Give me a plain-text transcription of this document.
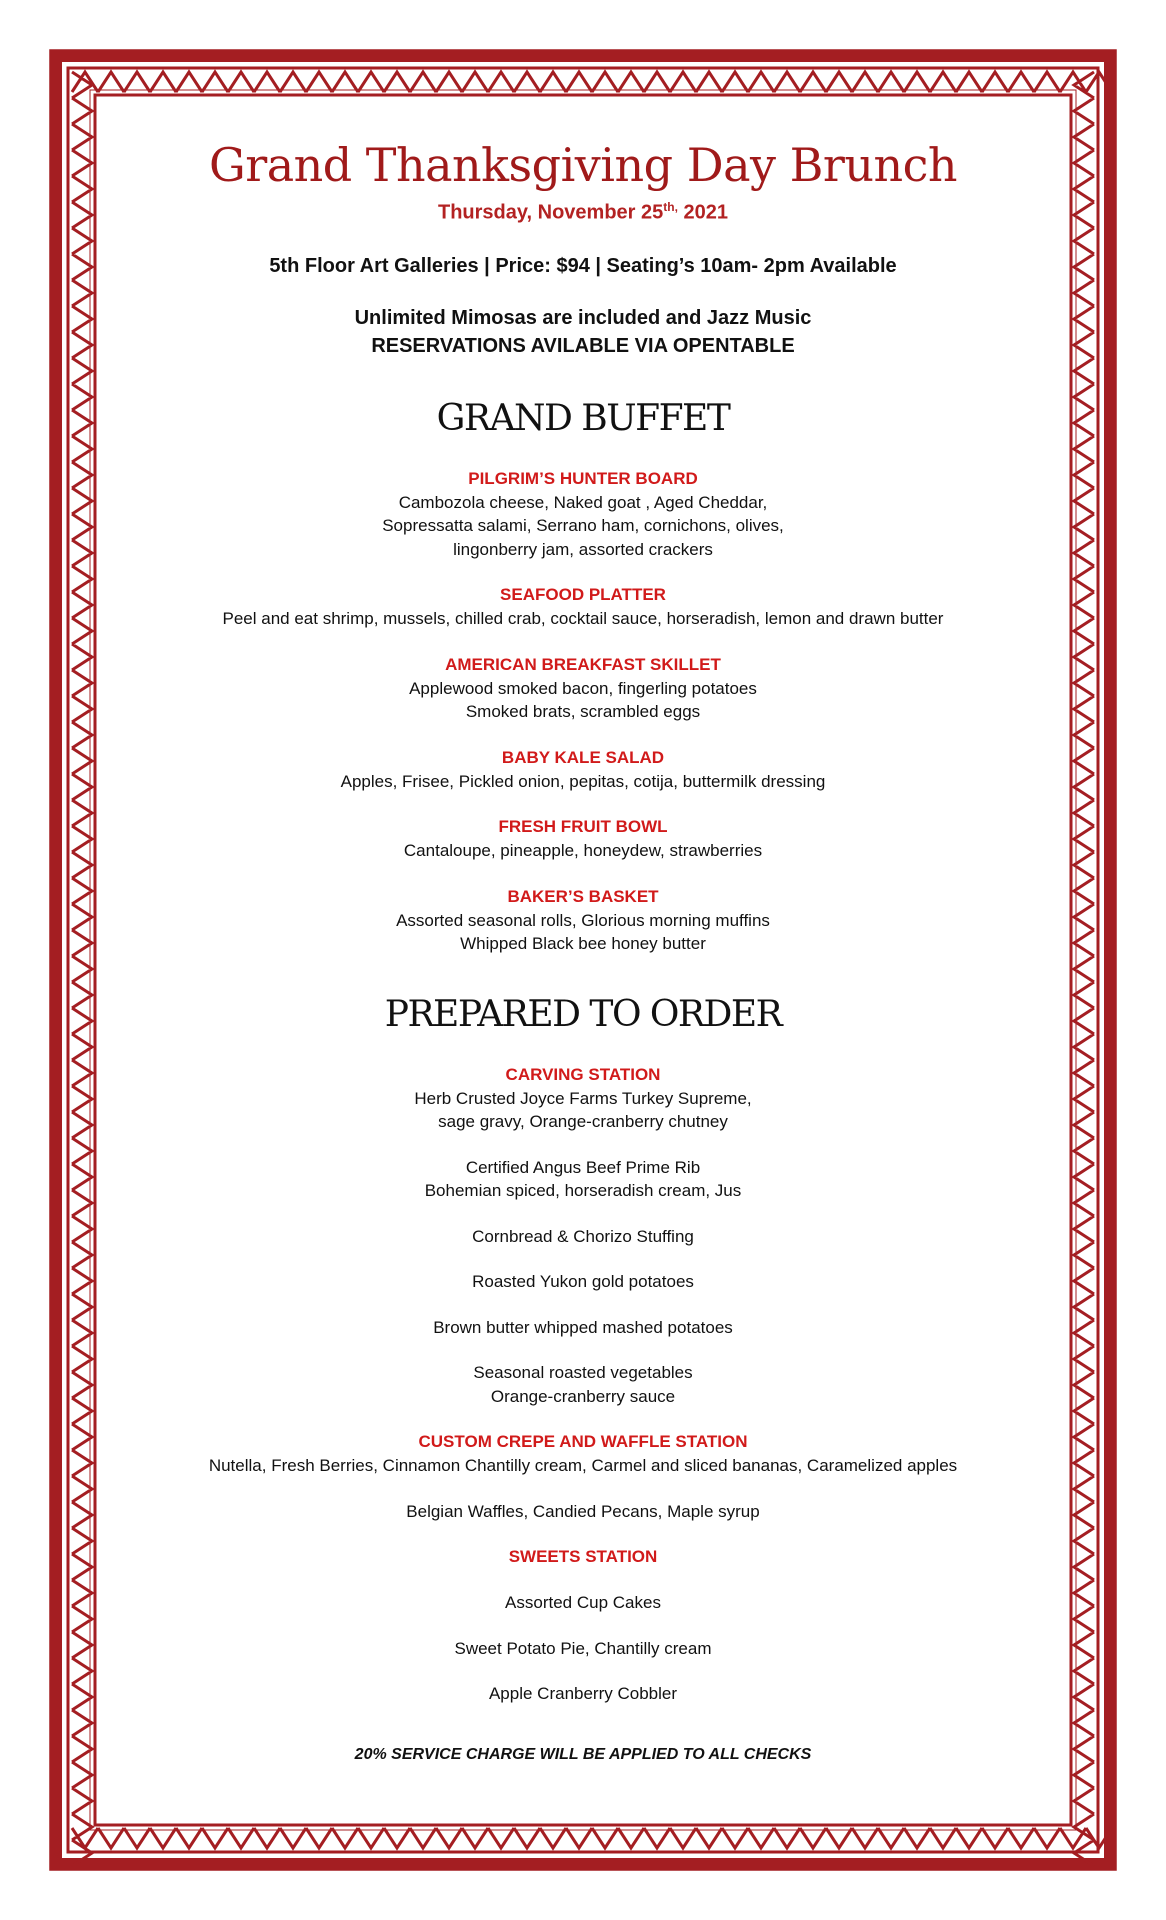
Grand Thanksgiving Day Brunch
Thursday, November $25^{th,}$ 2021
5th Floor Art Galleries | Price: $94 | Seating’s 10am- 2pm Available
Unlimited Mimosas are included and Jazz Music
RESERVATIONS AVILABLE VIA OPENTABLE
GRAND BUFFET
PILGRIM’S HUNTER BOARD
Cambozola cheese, Naked goat , Aged Cheddar,
Sopressatta salami, Serrano ham, cornichons, olives,
lingonberry jam, assorted crackers
SEAFOOD PLATTER
Peel and eat shrimp, mussels, chilled crab, cocktail sauce, horseradish, lemon and drawn butter
AMERICAN BREAKFAST SKILLET
Applewood smoked bacon, fingerling potatoes
Smoked brats, scrambled eggs
BABY KALE SALAD
Apples, Frisee, Pickled onion, pepitas, cotija, buttermilk dressing
FRESH FRUIT BOWL
Cantaloupe, pineapple, honeydew, strawberries
BAKER’S BASKET
Assorted seasonal rolls, Glorious morning muffins
Whipped Black bee honey butter
PREPARED TO ORDER
CARVING STATION
Herb Crusted Joyce Farms Turkey Supreme,
sage gravy, Orange-cranberry chutney
Certified Angus Beef Prime Rib
Bohemian spiced, horseradish cream, Jus
Cornbread & Chorizo Stuffing
Roasted Yukon gold potatoes
Brown butter whipped mashed potatoes
Seasonal roasted vegetables
Orange-cranberry sauce
CUSTOM CREPE AND WAFFLE STATION
Nutella, Fresh Berries, Cinnamon Chantilly cream, Carmel and sliced bananas, Caramelized apples
Belgian Waffles, Candied Pecans, Maple syrup
SWEETS STATION
Assorted Cup Cakes
Sweet Potato Pie, Chantilly cream
Apple Cranberry Cobbler
20% SERVICE CHARGE WILL BE APPLIED TO ALL CHECKS
